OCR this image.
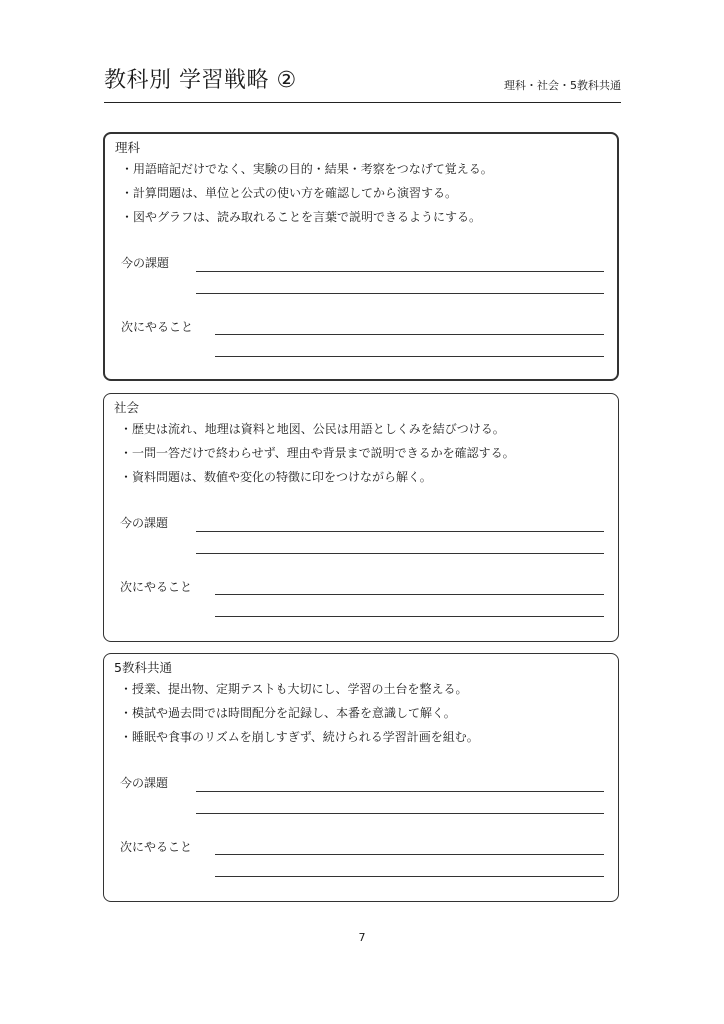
教科別 学習戦略 ②	理科・社会・5教科共通
理科
・用語暗記だけでなく、実験の目的・結果・考察をつなげて覚える。
・計算問題は、単位と公式の使い方を確認してから演習する。
・図やグラフは、読み取れることを言葉で説明できるようにする。
今の課題
次にやること
社会
・歴史は流れ、地理は資料と地図、公民は用語としくみを結びつける。
・一問一答だけで終わらせず、理由や背景まで説明できるかを確認する。
・資料問題は、数値や変化の特徴に印をつけながら解く。
今の課題
次にやること
5教科共通
・授業、提出物、定期テストも大切にし、学習の土台を整える。
・模試や過去問では時間配分を記録し、本番を意識して解く。
・睡眠や食事のリズムを崩しすぎず、続けられる学習計画を組む。
今の課題
次にやること
7
